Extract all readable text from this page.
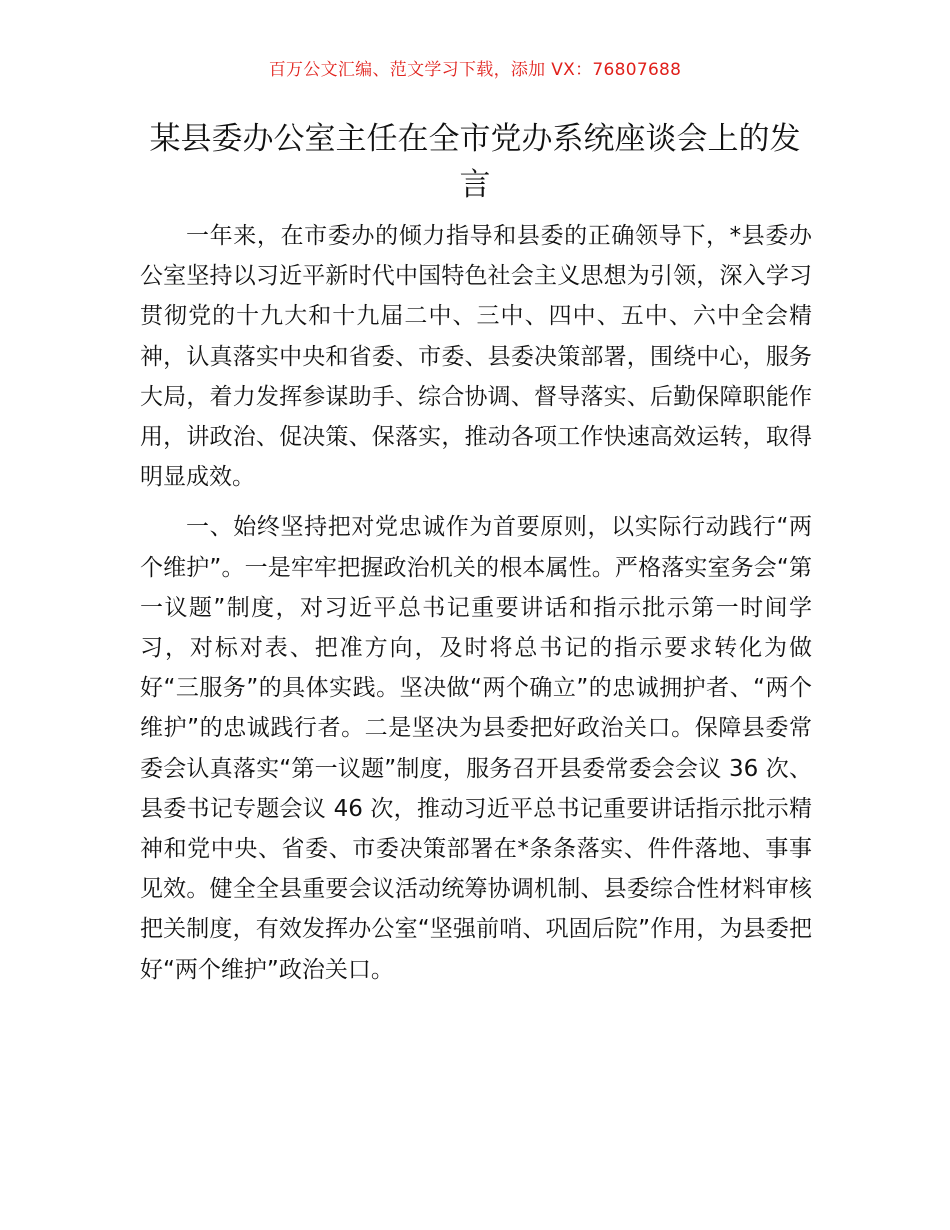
百万公文汇编、范文学习下载，添加 VX：76807688
某县委办公室主任在全市党办系统座谈会上的发言

一年来，在市委办的倾力指导和县委的正确领导下，*县委办公室坚持以习近平新时代中国特色社会主义思想为引领，深入学习贯彻党的十九大和十九届二中、三中、四中、五中、六中全会精神，认真落实中央和省委、市委、县委决策部署，围绕中心，服务大局，着力发挥参谋助手、综合协调、督导落实、后勤保障职能作用，讲政治、促决策、保落实，推动各项工作快速高效运转，取得明显成效。

一、始终坚持把对党忠诚作为首要原则，以实际行动践行“两个维护”。一是牢牢把握政治机关的根本属性。严格落实室务会“第一议题”制度，对习近平总书记重要讲话和指示批示第一时间学习，对标对表、把准方向，及时将总书记的指示要求转化为做好“三服务”的具体实践。坚决做“两个确立”的忠诚拥护者、“两个维护”的忠诚践行者。二是坚决为县委把好政治关口。保障县委常委会认真落实“第一议题”制度，服务召开县委常委会会议 36 次、县委书记专题会议 46 次，推动习近平总书记重要讲话指示批示精神和党中央、省委、市委决策部署在*条条落实、件件落地、事事见效。健全全县重要会议活动统筹协调机制、县委综合性材料审核把关制度，有效发挥办公室“坚强前哨、巩固后院”作用，为县委把好“两个维护”政治关口。
